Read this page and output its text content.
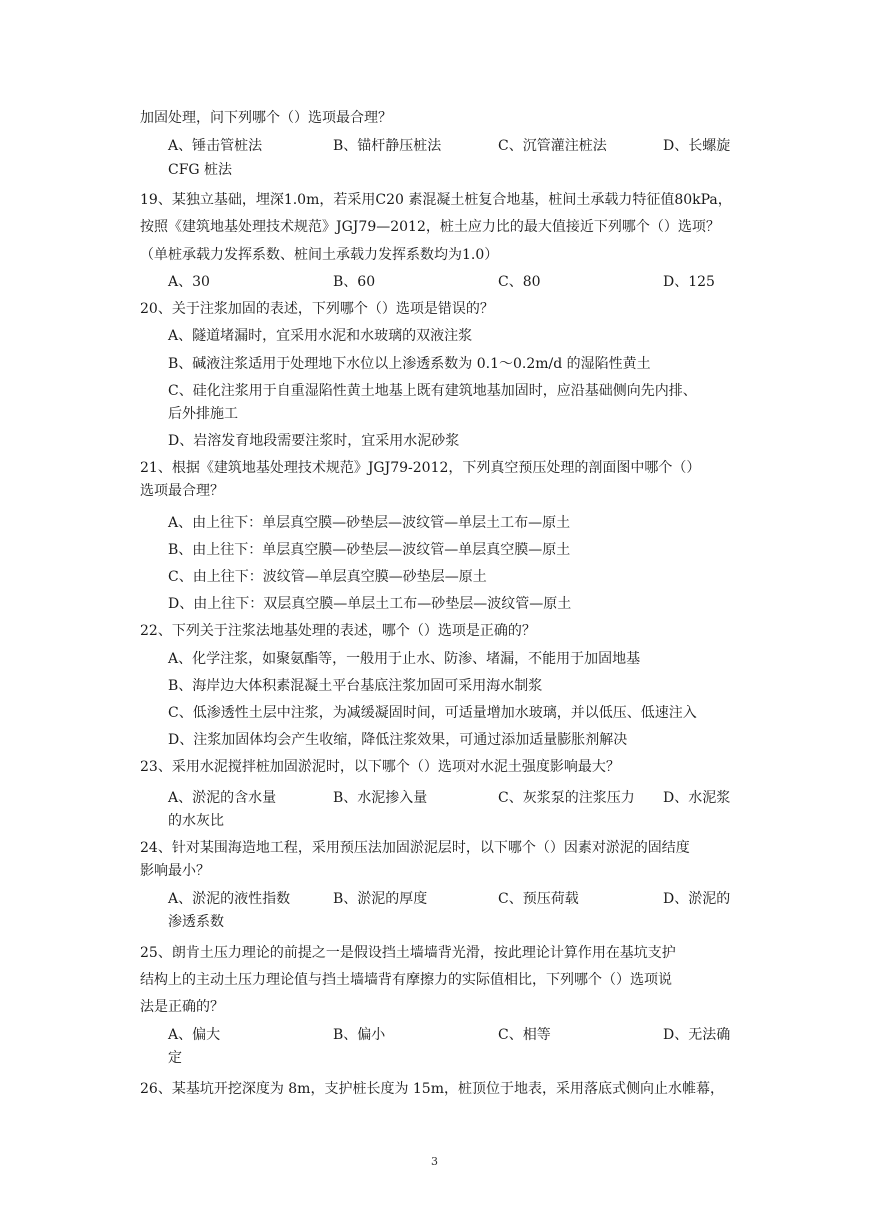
加固处理，问下列哪个（）选项最合理？
A、锤击管桩法	B、锚杆静压桩法	C、沉管灌注桩法	D、长螺旋
CFG 桩法
19、某独立基础，埋深1.0m，若采用C20 素混凝土桩复合地基，桩间土承载力特征值80kPa，
按照《建筑地基处理技术规范》JGJ79—2012，桩土应力比的最大值接近下列哪个（）选项？
（单桩承载力发挥系数、桩间土承载力发挥系数均为1.0）
A、30	B、60	C、80	D、125
20、关于注浆加固的表述，下列哪个（）选项是错误的？
A、隧道堵漏时，宜采用水泥和水玻璃的双液注浆
B、碱液注浆适用于处理地下水位以上渗透系数为 0.1～0.2m/d 的湿陷性黄土
C、硅化注浆用于自重湿陷性黄土地基上既有建筑地基加固时，应沿基础侧向先内排、
后外排施工
D、岩溶发育地段需要注浆时，宜采用水泥砂浆
21、根据《建筑地基处理技术规范》JGJ79-2012，下列真空预压处理的剖面图中哪个（）
选项最合理？
A、由上往下：单层真空膜—砂垫层—波纹管—单层土工布—原土
B、由上往下：单层真空膜—砂垫层—波纹管—单层真空膜—原土
C、由上往下：波纹管—单层真空膜—砂垫层—原土
D、由上往下：双层真空膜—单层土工布—砂垫层—波纹管—原土
22、下列关于注浆法地基处理的表述，哪个（）选项是正确的？
A、化学注浆，如聚氨酯等，一般用于止水、防渗、堵漏，不能用于加固地基
B、海岸边大体积素混凝土平台基底注浆加固可采用海水制浆
C、低渗透性土层中注浆，为减缓凝固时间，可适量增加水玻璃，并以低压、低速注入
D、注浆加固体均会产生收缩，降低注浆效果，可通过添加适量膨胀剂解决
23、采用水泥搅拌桩加固淤泥时，以下哪个（）选项对水泥土强度影响最大？
A、淤泥的含水量	B、水泥掺入量	C、灰浆泵的注浆压力 D、水泥浆
的水灰比
24、针对某围海造地工程，采用预压法加固淤泥层时，以下哪个（）因素对淤泥的固结度
影响最小？
A、淤泥的液性指数	B、淤泥的厚度	C、预压荷载	D、淤泥的
渗透系数
25、朗肯土压力理论的前提之一是假设挡土墙墙背光滑，按此理论计算作用在基坑支护
结构上的主动土压力理论值与挡土墙墙背有摩擦力的实际值相比，下列哪个（）选项说
法是正确的？
A、偏大	B、偏小	C、相等	D、无法确
定
26、某基坑开挖深度为 8m，支护桩长度为 15m，桩顶位于地表，采用落底式侧向止水帷幕，
3
